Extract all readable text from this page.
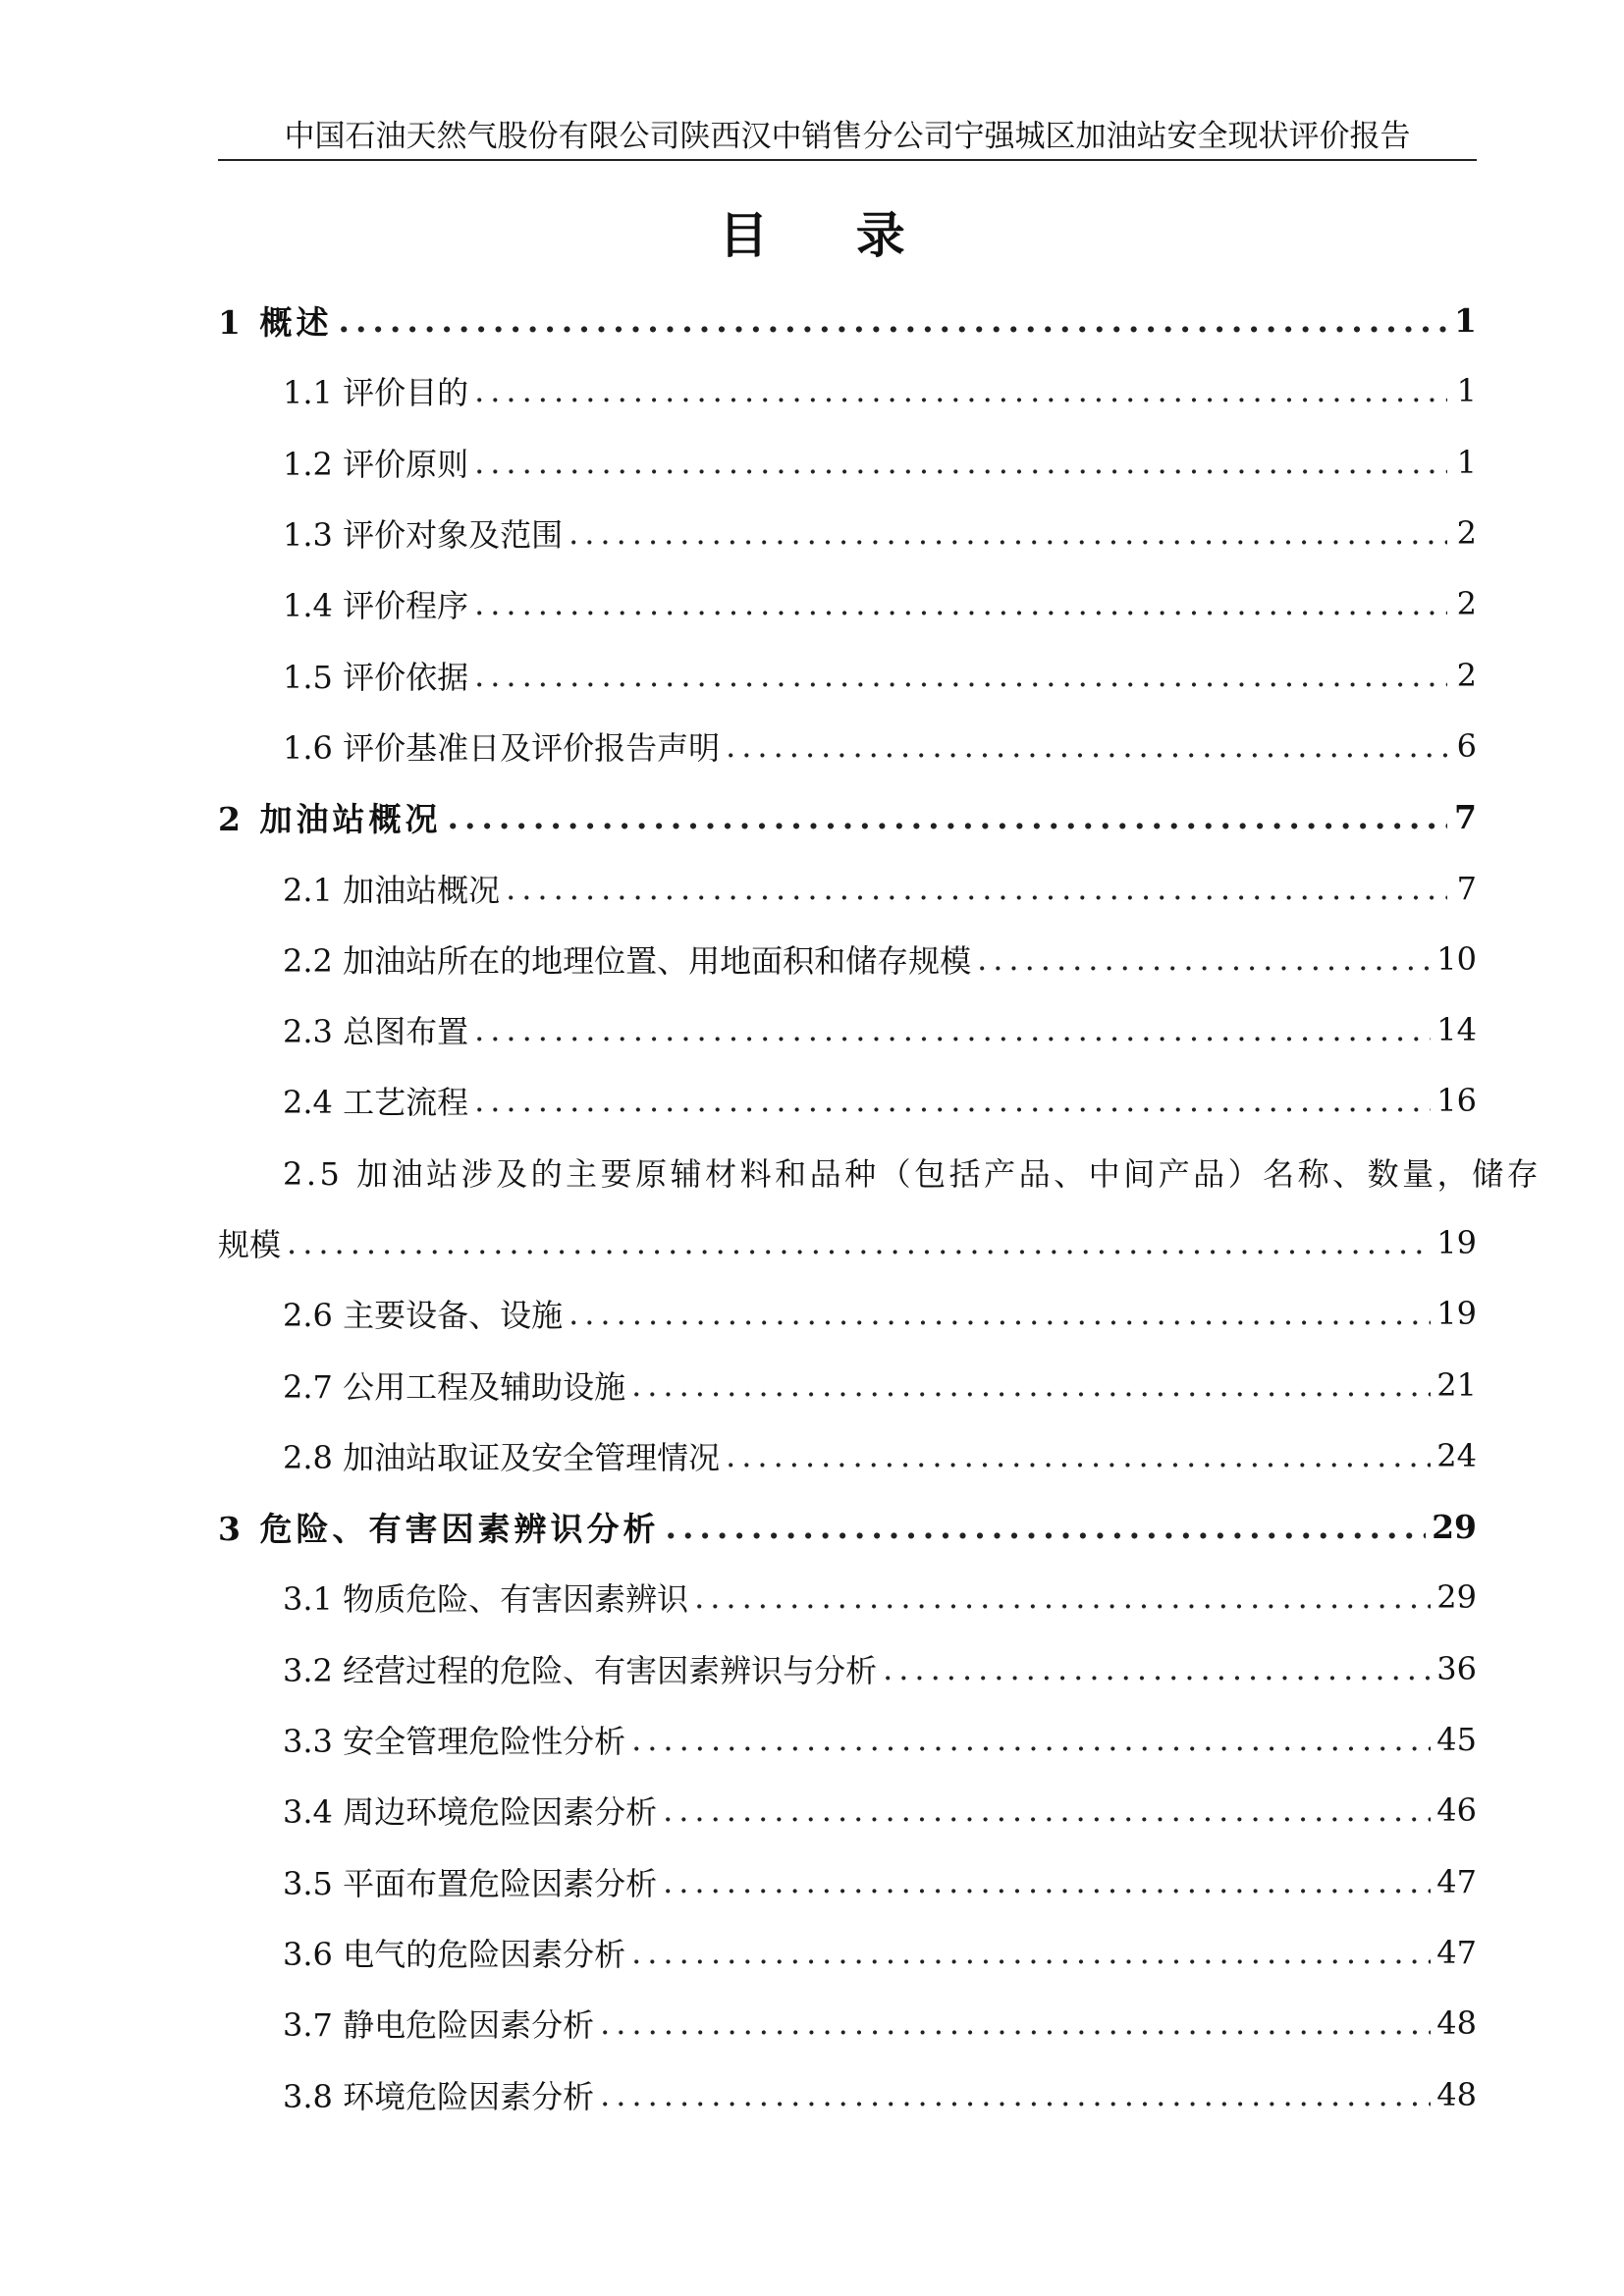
中国石油天然气股份有限公司陕西汉中销售分公司宁强城区加油站安全现状评价报告
目 录
1 概述 .....	1
1.1 评价目的 .....	1
1.2 评价原则 .....	1
1.3 评价对象及范围 .....	2
1.4 评价程序 .....	2
1.5 评价依据 .....	2
1.6 评价基准日及评价报告声明 .....	6
2 加油站概况 .....	7
2.1 加油站概况 .....	7
2.2 加油站所在的地理位置、用地面积和储存规模 .....	10
2.3 总图布置 .....	14
2.4 工艺流程 .....	16
2.5 加油站涉及的主要原辅材料和品种（包括产品、中间产品）名称、数量，储存
规模 .....	19
2.6 主要设备、设施 .....	19
2.7 公用工程及辅助设施 .....	21
2.8 加油站取证及安全管理情况 .....	24
3 危险、有害因素辨识分析 .....	29
3.1 物质危险、有害因素辨识 .....	29
3.2 经营过程的危险、有害因素辨识与分析 .....	36
3.3 安全管理危险性分析 .....	45
3.4 周边环境危险因素分析 .....	46
3.5 平面布置危险因素分析 .....	47
3.6 电气的危险因素分析 .....	47
3.7 静电危险因素分析 .....	48
3.8 环境危险因素分析 .....	48
